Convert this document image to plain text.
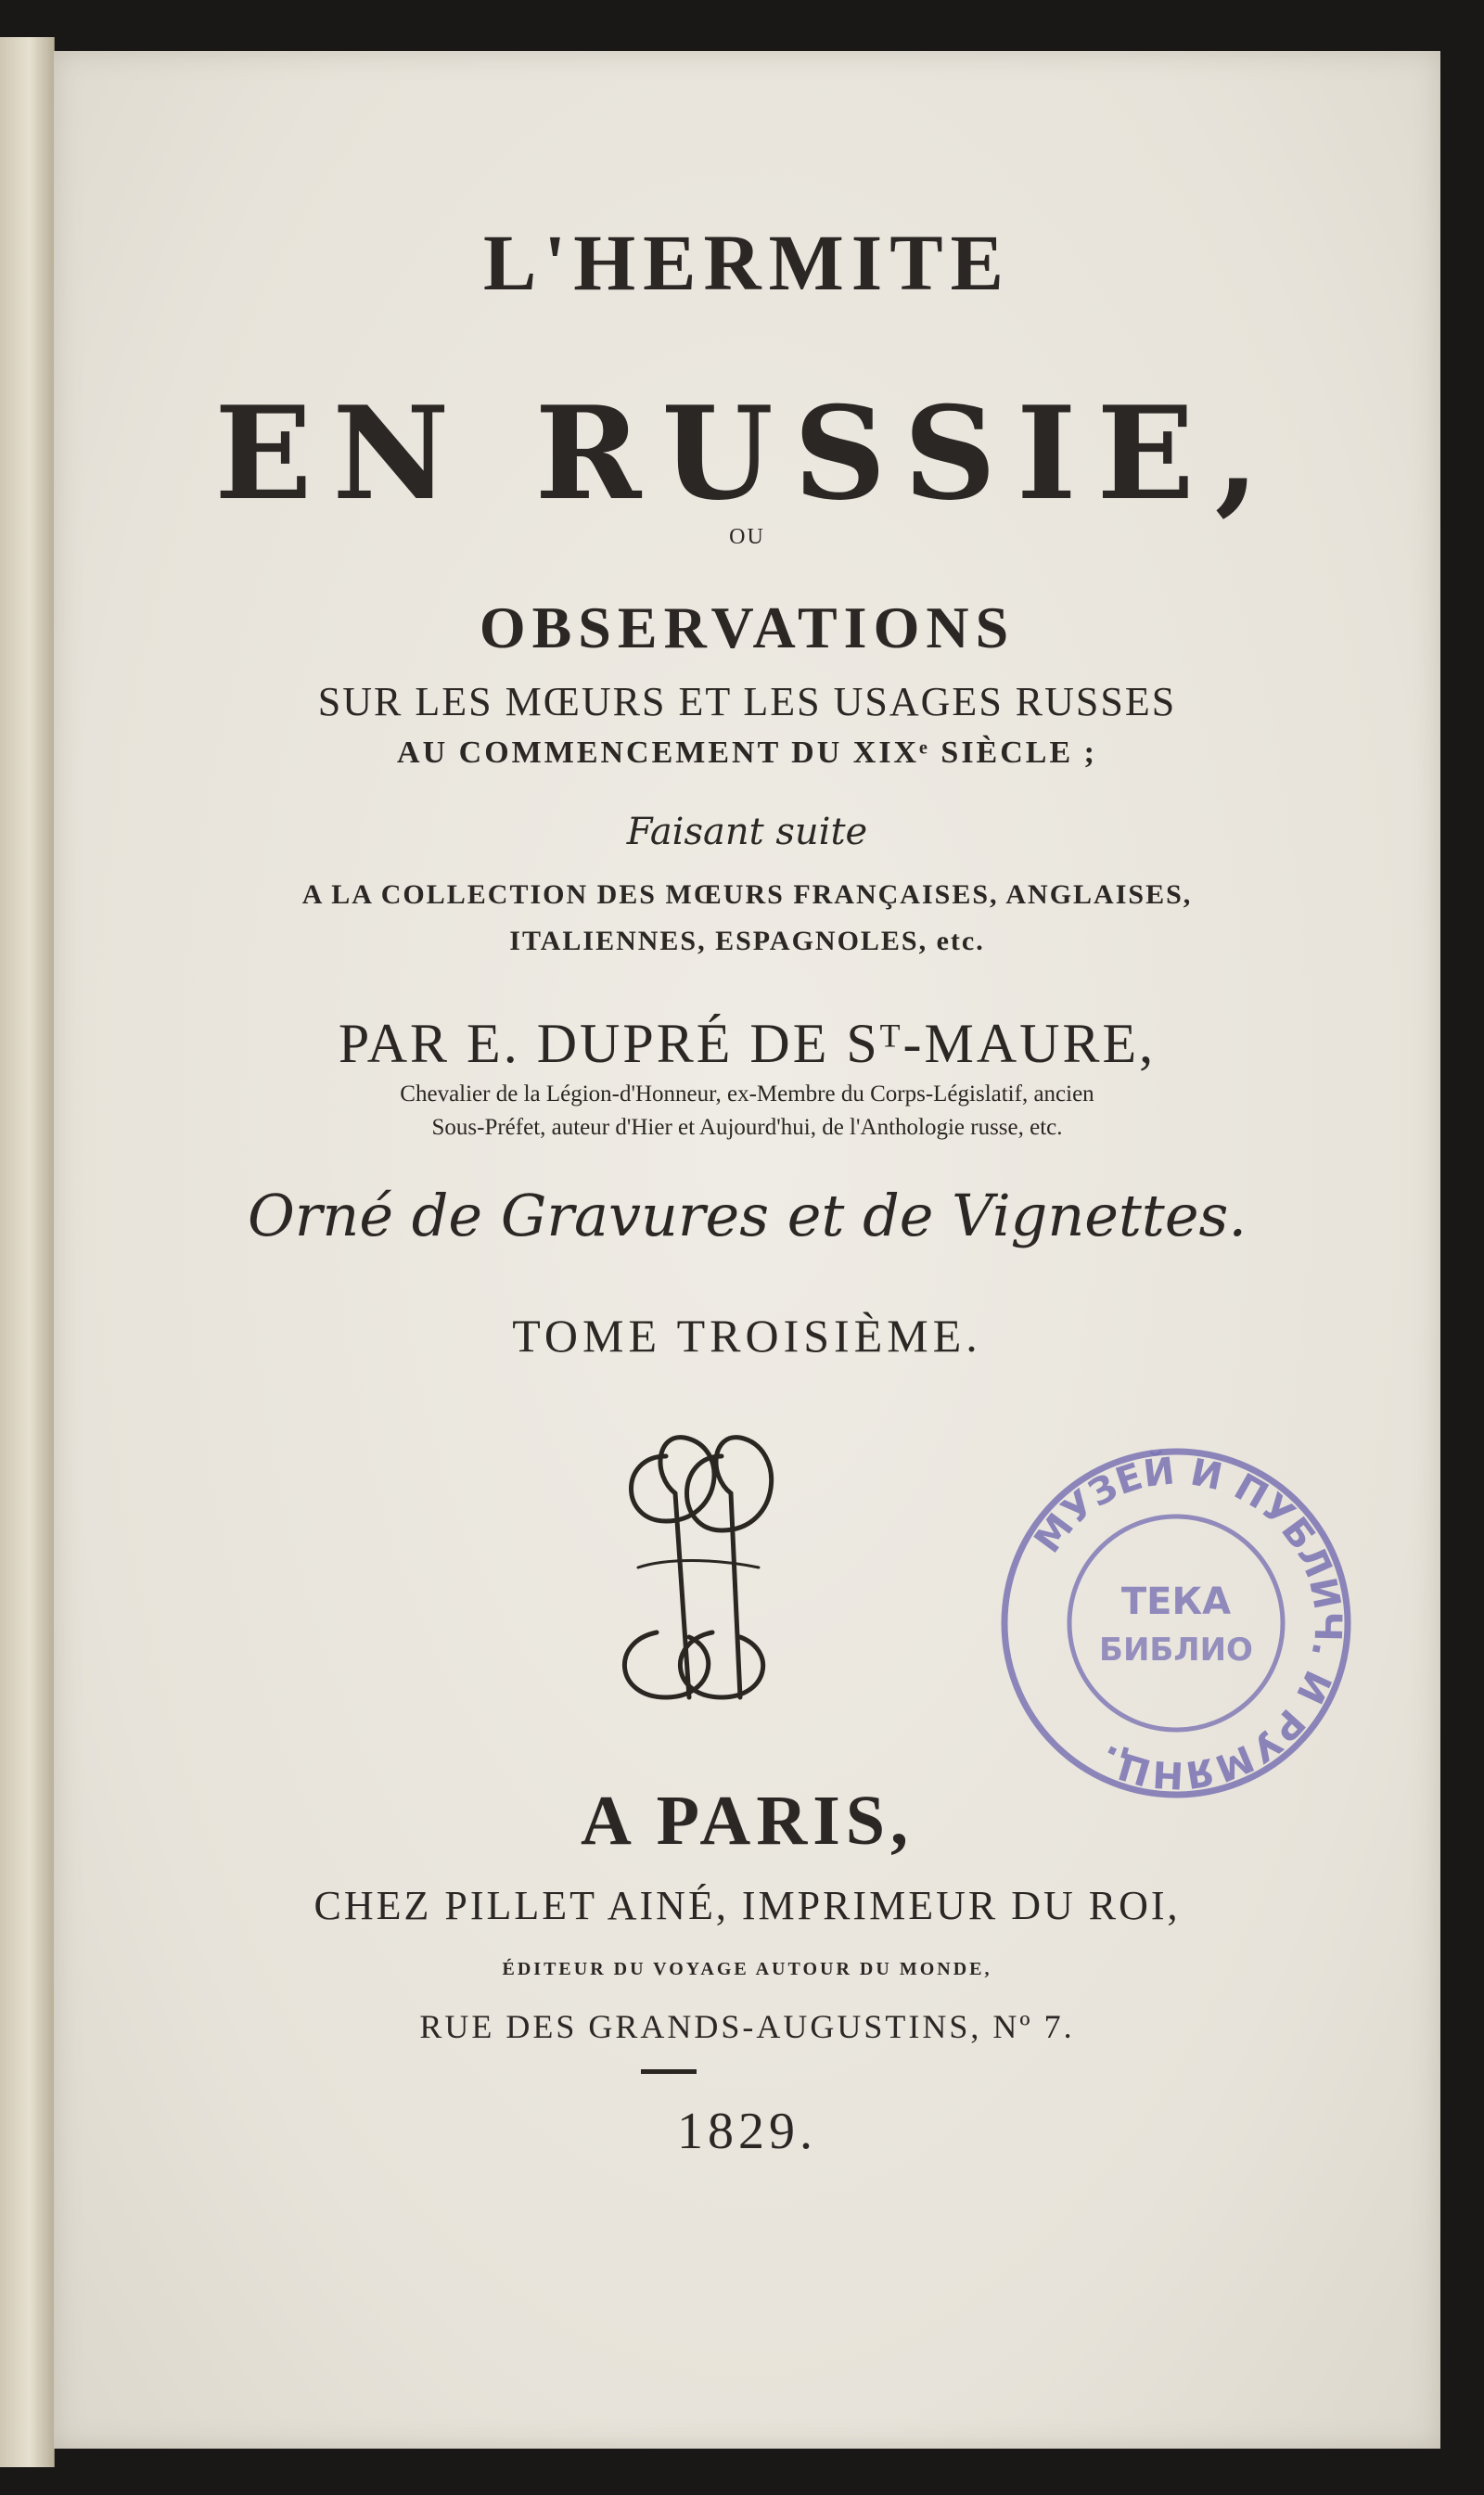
L'HERMITE
EN RUSSIE,
OU
OBSERVATIONS
SUR LES MŒURS ET LES USAGES RUSSES
AU COMMENCEMENT DU XIXᵉ SIÈCLE ;
Faisant suite
A LA COLLECTION DES MŒURS FRANÇAISES, ANGLAISES,
ITALIENNES, ESPAGNOLES, etc.
PAR E. DUPRÉ DE Sᵀ-MAURE,
Chevalier de la Légion-d'Honneur, ex-Membre du Corps-Législatif, ancien
Sous-Préfet, auteur d'Hier et Aujourd'hui, de l'Anthologie russe, etc.
Orné de Gravures et de Vignettes.
TOME TROISIÈME.
МУЗЕЙ И ПУБЛИЧ. И РУМЯНЦ.
ТЕКА
БИБЛИО
A PARIS,
CHEZ PILLET AINÉ, IMPRIMEUR DU ROI,
ÉDITEUR DU VOYAGE AUTOUR DU MONDE,
RUE DES GRANDS-AUGUSTINS, Nº 7.
1829.
